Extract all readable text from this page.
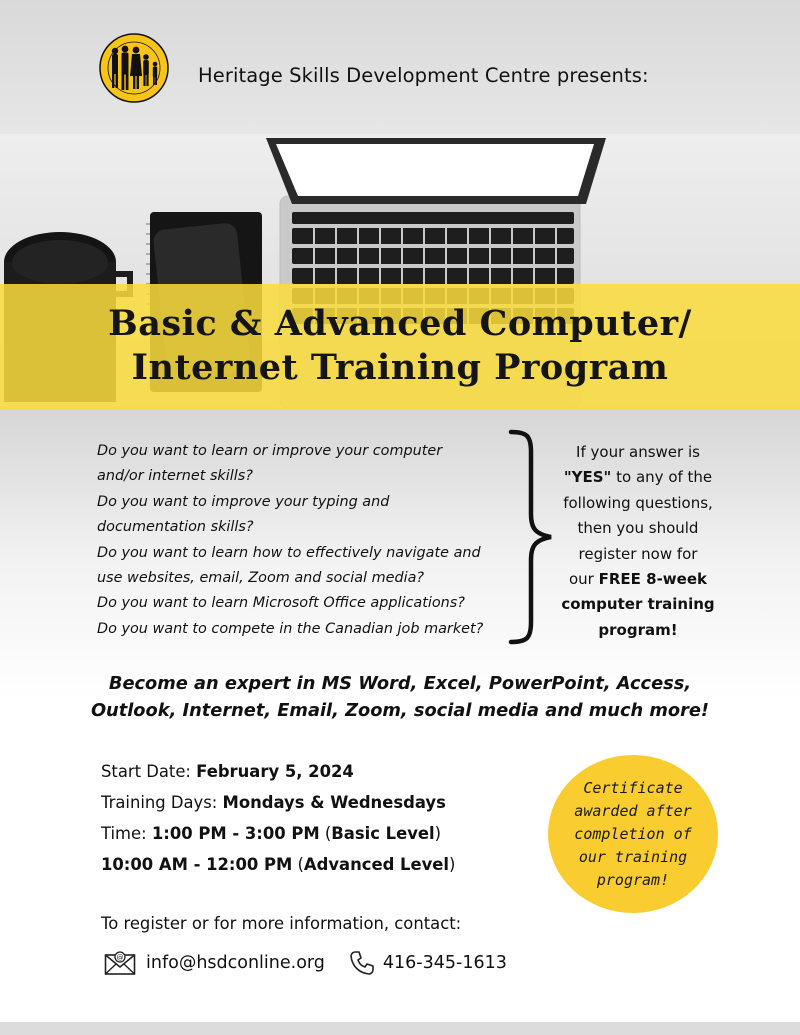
Heritage Skills Development Centre presents:
Basic & Advanced Computer/
Internet Training Program
Do you want to learn or improve your computer
and/or internet skills?
Do you want to improve your typing and
documentation skills?
Do you want to learn how to effectively navigate and
use websites, email, Zoom and social media?
Do you want to learn Microsoft Office applications?
Do you want to compete in the Canadian job market?
If your answer is
"YES" to any of the
following questions,
then you should
register now for
our FREE 8-week
computer training
program!
Become an expert in MS Word, Excel, PowerPoint, Access,
Outlook, Internet, Email, Zoom, social media and much more!
Start Date: February 5, 2024
Training Days: Mondays & Wednesdays
Time: 1:00 PM - 3:00 PM (Basic Level)
10:00 AM - 12:00 PM (Advanced Level)
Certificate awarded after completion of our training program!
To register or for more information, contact:
@ info@hsdconline.org	416-345-1613
